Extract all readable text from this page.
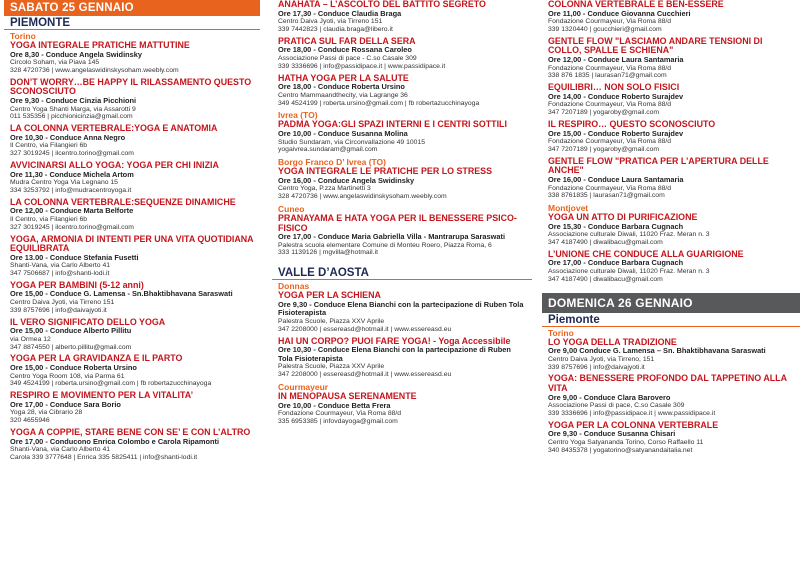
SABATO 25 GENNAIO
PIEMONTE
Torino
YOGA INTEGRALE PRATICHE MATTUTINE
Ore 8,30 - Conduce Angela Swidinsky
Circolo Soham, via Piava 145
328 4720736 | www.angelaswidinskysoham.weebly.com
DON’T WORRY…BE HAPPY IL RILASSAMENTO QUESTO SCONOSCIUTO
Ore 9,30 - Conduce Cinzia Picchioni
Centro Yoga Shanti Marga, via Assarotti 9
011 535356 | picchionicinzia@gmail.com
LA COLONNA VERTEBRALE:YOGA E ANATOMIA
Ore 10,30 - Conduce Anna Negro
Il Centro, via Filangieri 6b
327 3019245 | ilcentro.torino@gmail.com
AVVICINARSI ALLO YOGA: YOGA PER CHI INIZIA
Ore 11,30 - Conduce Michela Artom
Mudra Centro Yoga Via Legnano 15
334 3253792 | info@mudracentroyoga.it
LA COLONNA VERTEBRALE:SEQUENZE DINAMICHE
Ore 12,00 - Conduce Marta Belforte
Il Centro, via Filangieri 6b
327 3019245 | ilcentro.torino@gmail.com
YOGA, ARMONIA DI INTENTI PER UNA VITA QUOTIDIANA EQUILIBRATA
Ore 13.00 - Conduce Stefania Fusetti
Shanti-Vana, via Carlo Alberto 41
347 7506687 | info@shanti-lodi.it
YOGA PER BAMBINI (5-12 anni)
Ore 15,00 - Conduce G. Lamensa - Sn.Bhaktibhavana Saraswati
Centro Daiva Jyoti, via Tirreno 151
339 8757696 | info@daivajyoti.it
IL VERO SIGNIFICATO DELLO YOGA
Ore 15,00 - Conduce Alberto Pillitu
via Ormea 12
347 8874550 | alberto.pillitu@gmail.com
YOGA PER LA GRAVIDANZA E IL PARTO
Ore 15,00 - Conduce Roberta Ursino
Centro Yoga Room 108, via Parma 61
349 4524199 | roberta.ursino@gmail.com | fb robertazucchinayoga
RESPIRO E MOVIMENTO PER LA VITALITA’
Ore 17,00 - Conduce Sara Borio
Yoga 28, via Cibrario 28
320 4655946
YOGA A COPPIE, STARE BENE CON SE’ E CON L’ALTRO
Ore 17,00 - Conducono Enrica Colombo e Carola Ripamonti
Shanti-Vana, via Carlo Alberto 41
Carola 339 3777648 | Enrica 335 5825411 | info@shanti-lodi.it
ANAHATA – L’ASCOLTO DEL BATTITO SEGRETO
Ore 17,30 - Conduce Claudia Braga
Centro Daiva Jyoti, via Tirreno 151
339 7442823 | claudia.braga@libero.it
PRATICA SUL FAR DELLA SERA
Ore 18,00 - Conduce Rossana Caroleo
Associazione Passi di pace - C.so Casale 309
339 3336696 | info@passidipace.it | www.passidipace.it
HATHA YOGA PER LA SALUTE
Ore 18,00 - Conduce Roberta Ursino
Centro Mammaandthecity, via Lagrange 36
349 4524199 | roberta.ursino@gmail.com | fb robertazucchinayoga
Ivrea (TO)
PADMA YOGA:GLI SPAZI INTERNI E I CENTRI SOTTILI
Ore 10,00 - Conduce Susanna Molina
Studio Sundaram, via Circonvallazione 49 10015
yogaivrea.sundaram@gmail.com
Borgo Franco D’ Ivrea (TO)
YOGA INTEGRALE LE PRATICHE PER LO STRESS
Ore 16,00 - Conduce Angela Swidinsky
Centro Yoga, P.zza Martinetti 3
328 4720736 | www.angelaswidinskysoham.weebly.com
Cuneo
PRANAYAMA E HATA YOGA PER IL BENESSERE PSICO-FISICO
Ore 17,00 - Conduce Maria Gabriella Villa - Mantrarupa Saraswati
Palestra scuola elementare Comune di Monteu Roero, Piazza Roma, 6
333 1139126 | mgvilla@hotmail.it
VALLE D’AOSTA
Donnas
YOGA PER LA SCHIENA
Ore 9,30 - Conduce Elena Bianchi con la partecipazione di Ruben Tola Fisioterapista
Palestra Scuole, Piazza XXV Aprile
347 2208000 | essereasd@hotmail.it | www.essereasd.eu
HAI UN CORPO? PUOI FARE YOGA! - Yoga Accessibile
Ore 10,30 - Conduce Elena Bianchi con la partecipazione di Ruben Tola Fisioterapista
Palestra Scuole, Piazza XXV Aprile
347 2208000 | essereasd@hotmail.it | www.essereasd.eu
Courmayeur
IN MENOPAUSA SERENAMENTE
Ore 10,00 - Conduce Betta Frera
Fondazione Courmayeur, Via Roma 88/d
335 6953385 | infovdayoga@gmail.com
COLONNA VERTEBRALE E BEN-ESSERE
Ore 11,00 - Conduce Giovanna Cucchieri
Fondazione Courmayeur, Via Roma 88/d
339 1320440 | gcucchieri@gmail.com
GENTLE FLOW "LASCIAMO ANDARE TENSIONI DI COLLO, SPALLE E SCHIENA"
Ore 12,00 - Conduce Laura Santamaria
Fondazione Courmayeur, Via Roma 88/d
338 876 1835 | laurasan71@gmail.com
EQUILIBRI… NON SOLO FISICI
Ore 14,00 - Conduce Roberto Surajdev
Fondazione Courmayeur, Via Roma 88/d
347 7207189 | yogaroby@gmail.com
IL RESPIRO… QUESTO SCONOSCIUTO
Ore 15,00 - Conduce Roberto Surajdev
Fondazione Courmayeur, Via Roma 88/d
347 7207189 | yogaroby@gmail.com
GENTLE FLOW "PRATICA PER L’APERTURA DELLE ANCHE"
Ore 16,00 - Conduce Laura Santamaria
Fondazione Courmayeur, Via Roma 88/d
338 8761835 | laurasan71@gmail.com
Montjovet
YOGA UN ATTO DI PURIFICAZIONE
Ore 15,30 - Conduce Barbara Cugnach
Associazione culturale Diwali, 11020 Fraz. Meran n. 3
347 4187490 | diwalibacu@gmail.com
L’UNIONE CHE CONDUCE ALLA GUARIGIONE
Ore 17,00 - Conduce Barbara Cugnach
Associazione culturale Diwali, 11020 Fraz. Meran n. 3
347 4187490 | diwalibacu@gmail.com
DOMENICA 26 GENNAIO
Piemonte
Torino
LO YOGA DELLA TRADIZIONE
Ore 9,00 Conduce G. Lamensa – Sn. Bhaktibhavana Saraswati
Centro Daiva Jyoti, via Tirreno, 151
339 8757696 | info@daivajyoti.it
YOGA: BENESSERE PROFONDO DAL TAPPETINO ALLA VITA
Ore 9,00 - Conduce Clara Barovero
Associazione Passi di pace, C.so Casale 309
339 3336696 | info@passidipace.it | www.passidipace.it
YOGA PER LA COLONNA VERTEBRALE
Ore 9,30 - Conduce Susanna Chisari
Centro Yoga Satyananda Torino, Corso Raffaello 11
340 8435378 | yogatorino@satyanandaitalia.net
